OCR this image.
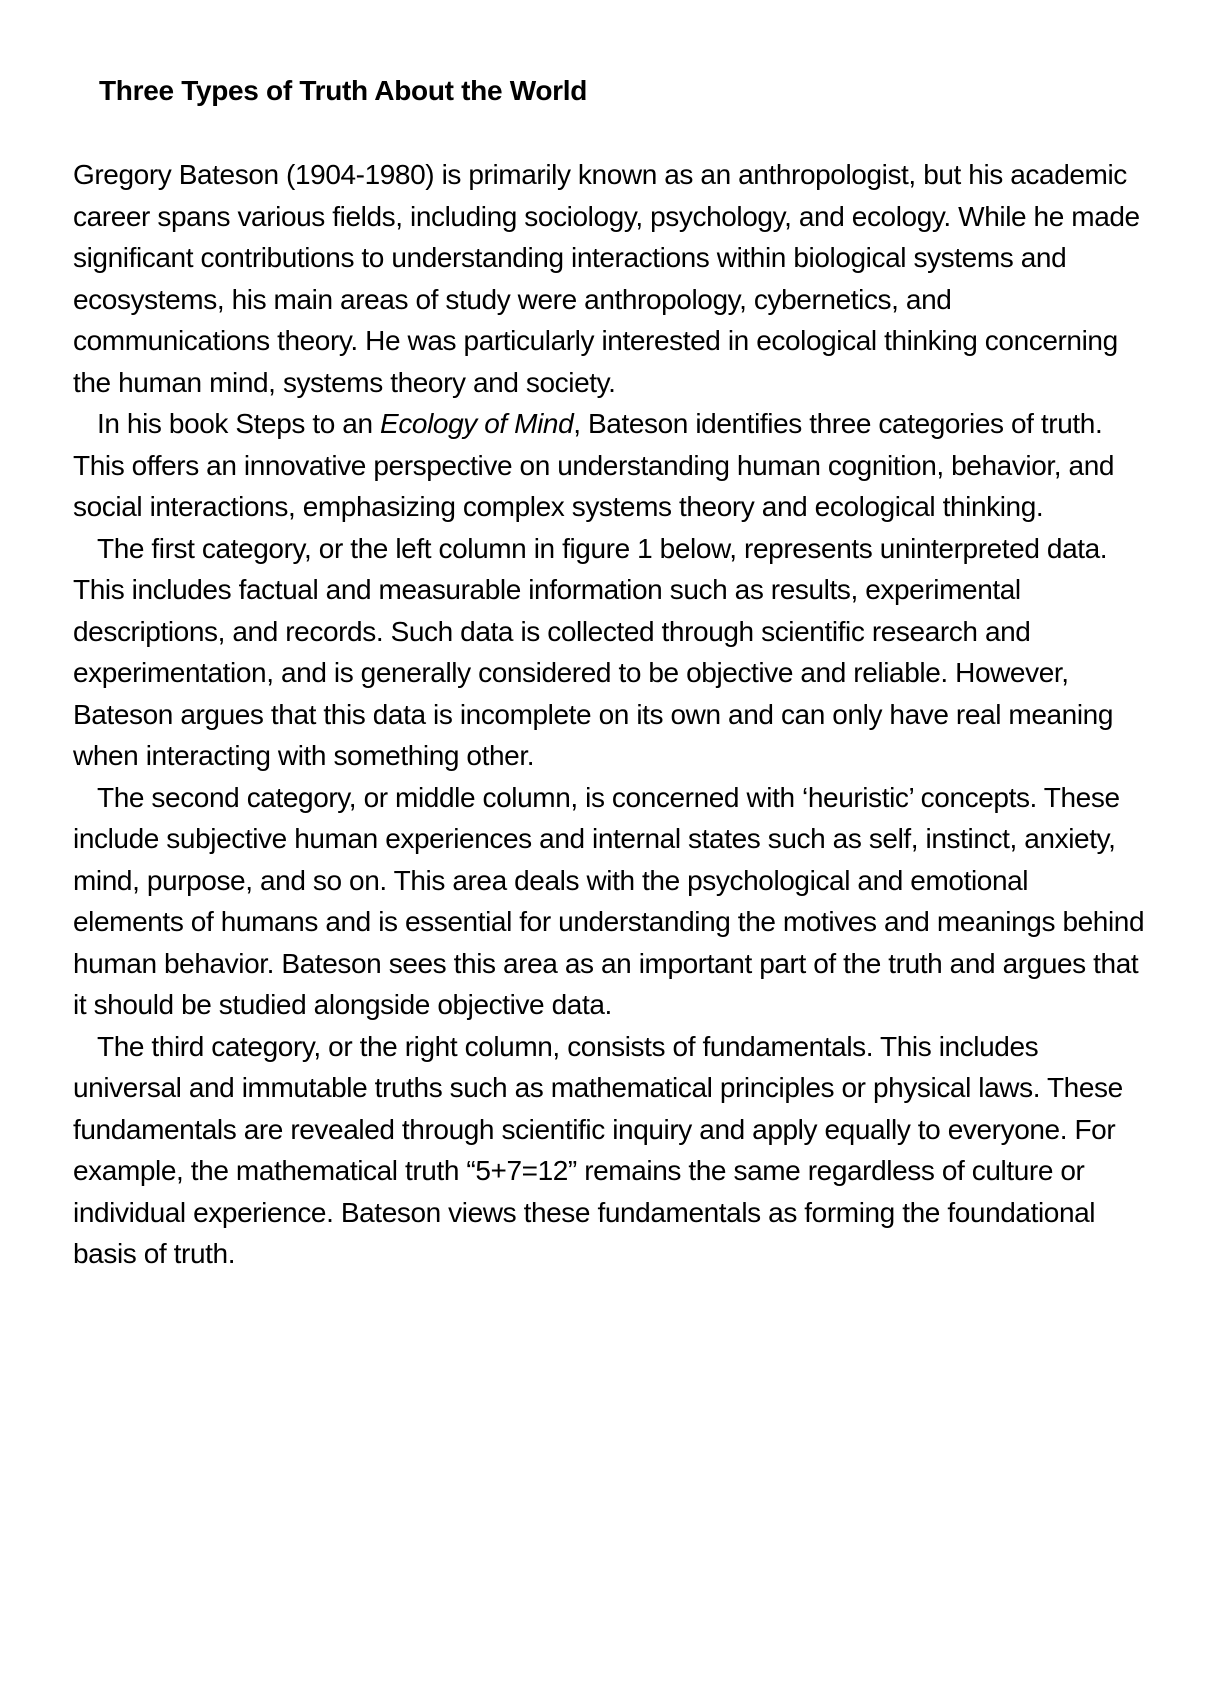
Three Types of Truth About the World

Gregory Bateson (1904-1980) is primarily known as an anthropologist, but his academic career spans various fields, including sociology, psychology, and ecology. While he made significant contributions to understanding interactions within biological systems and ecosystems, his main areas of study were anthropology, cybernetics, and communications theory. He was particularly interested in ecological thinking concerning the human mind, systems theory and society.

In his book Steps to an Ecology of Mind, Bateson identifies three categories of truth. This offers an innovative perspective on understanding human cognition, behavior, and social interactions, emphasizing complex systems theory and ecological thinking.

The first category, or the left column in figure 1 below, represents uninterpreted data. This includes factual and measurable information such as results, experimental descriptions, and records. Such data is collected through scientific research and experimentation, and is generally considered to be objective and reliable. However, Bateson argues that this data is incomplete on its own and can only have real meaning when interacting with something other.

The second category, or middle column, is concerned with ‘heuristic’ concepts. These include subjective human experiences and internal states such as self, instinct, anxiety, mind, purpose, and so on. This area deals with the psychological and emotional elements of humans and is essential for understanding the motives and meanings behind human behavior. Bateson sees this area as an important part of the truth and argues that it should be studied alongside objective data.

The third category, or the right column, consists of fundamentals. This includes universal and immutable truths such as mathematical principles or physical laws. These fundamentals are revealed through scientific inquiry and apply equally to everyone. For example, the mathematical truth “5+7=12” remains the same regardless of culture or individual experience. Bateson views these fundamentals as forming the foundational basis of truth.
